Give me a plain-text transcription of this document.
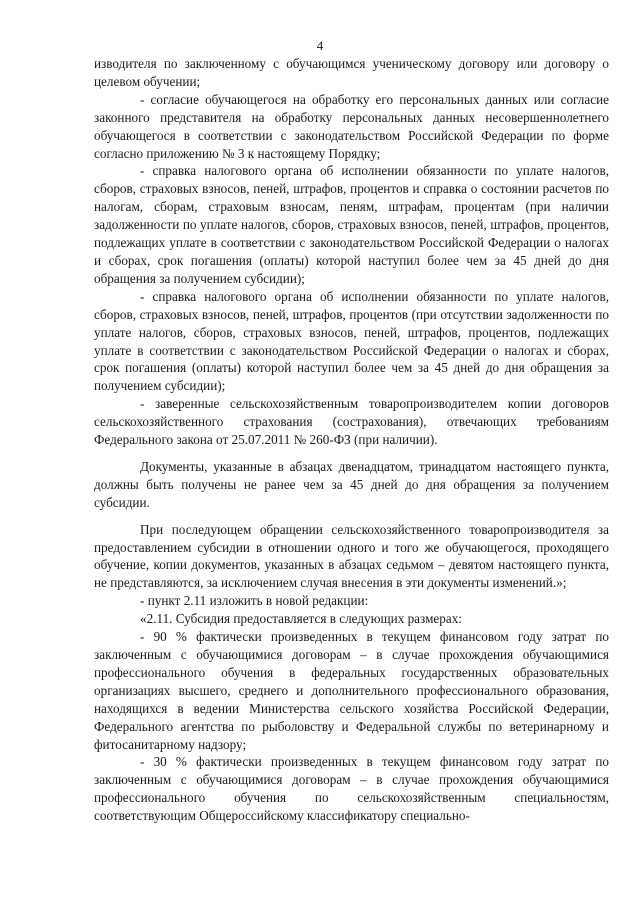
4

изводителя по заключенному с обучающимся ученическому договору или договору о целевом обучении;

- согласие обучающегося на обработку его персональных данных или согласие законного представителя на обработку персональных данных несовершеннолетнего обучающегося в соответствии с законодательством Российской Федерации по форме согласно приложению № 3 к настоящему Порядку;

- справка налогового органа об исполнении обязанности по уплате налогов, сборов, страховых взносов, пеней, штрафов, процентов и справка о состоянии расчетов по налогам, сборам, страховым взносам, пеням, штрафам, процентам (при наличии задолженности по уплате налогов, сборов, страховых взносов, пеней, штрафов, процентов, подлежащих уплате в соответствии с законодательством Российской Федерации о налогах и сборах, срок погашения (оплаты) которой наступил более чем за 45 дней до дня обращения за получением субсидии);

- справка налогового органа об исполнении обязанности по уплате налогов, сборов, страховых взносов, пеней, штрафов, процентов (при отсутствии задолженности по уплате налогов, сборов, страховых взносов, пеней, штрафов, процентов, подлежащих уплате в соответствии с законодательством Российской Федерации о налогах и сборах, срок погашения (оплаты) которой наступил более чем за 45 дней до дня обращения за получением субсидии);

- заверенные сельскохозяйственным товаропроизводителем копии договоров сельскохозяйственного страхования (сострахования), отвечающих требованиям Федерального закона от 25.07.2011 № 260-ФЗ (при наличии).

Документы, указанные в абзацах двенадцатом, тринадцатом настоящего пункта, должны быть получены не ранее чем за 45 дней до дня обращения за получением субсидии.

При последующем обращении сельскохозяйственного товаропроизводителя за предоставлением субсидии в отношении одного и того же обучающегося, проходящего обучение, копии документов, указанных в абзацах седьмом – девятом настоящего пункта, не представляются, за исключением случая внесения в эти документы изменений.»;

- пункт 2.11 изложить в новой редакции:

«2.11. Субсидия предоставляется в следующих размерах:

- 90 % фактически произведенных в текущем финансовом году затрат по заключенным с обучающимися договорам – в случае прохождения обучающимися профессионального обучения в федеральных государственных образовательных организациях высшего, среднего и дополнительного профессионального образования, находящихся в ведении Министерства сельского хозяйства Российской Федерации, Федерального агентства по рыболовству и Федеральной службы по ветеринарному и фитосанитарному надзору;

- 30 % фактически произведенных в текущем финансовом году затрат по заключенным с обучающимися договорам – в случае прохождения обучающимися профессионального обучения по сельскохозяйственным специальностям, соответствующим Общероссийскому классификатору специально-
